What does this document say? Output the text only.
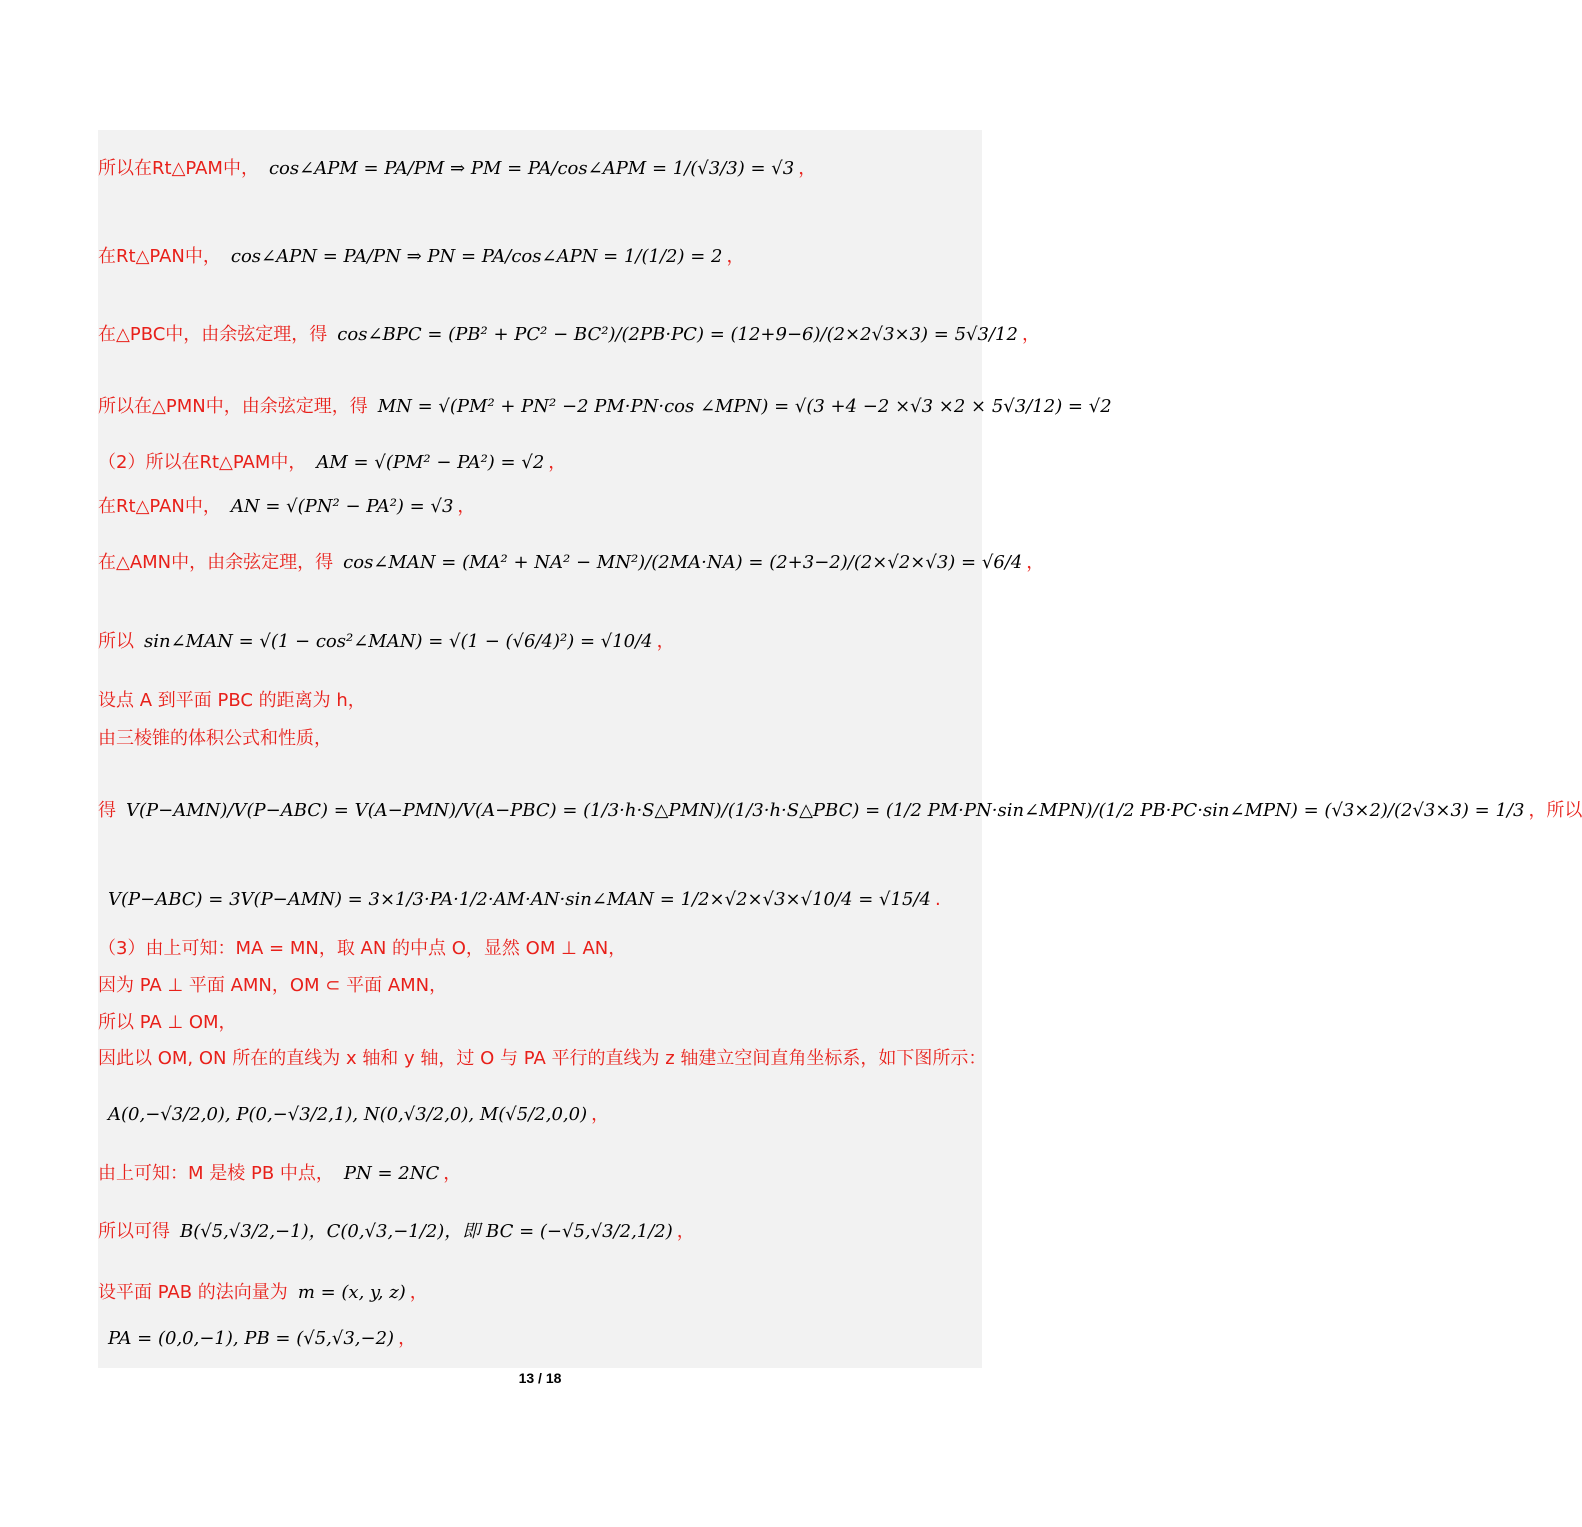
所以在Rt△PAM中， cos∠APM = PA/PM ⇒ PM = PA/cos∠APM = 1/(√3/3) = √3 ，
在Rt△PAN中， cos∠APN = PA/PN ⇒ PN = PA/cos∠APN = 1/(1/2) = 2 ，
在△PBC中，由余弦定理，得 cos∠BPC = (PB² + PC² − BC²)/(2PB·PC) = (12+9−6)/(2×2√3×3) = 5√3/12 ，
所以在△PMN中，由余弦定理，得 MN = √(PM² + PN² −2 PM·PN·cos ∠MPN) = √(3 +4 −2 ×√3 ×2 × 5√3/12) = √2
（2）所以在Rt△PAM中， AM = √(PM² − PA²) = √2 ，
在Rt△PAN中， AN = √(PN² − PA²) = √3 ，
在△AMN中，由余弦定理，得 cos∠MAN = (MA² + NA² − MN²)/(2MA·NA) = (2+3−2)/(2×√2×√3) = √6/4 ，
所以 sin∠MAN = √(1 − cos²∠MAN) = √(1 − (√6/4)²) = √10/4 ，
设点 A 到平面 PBC 的距离为 h，
由三棱锥的体积公式和性质，
得 V(P−AMN)/V(P−ABC) = V(A−PMN)/V(A−PBC) = (1/3·h·S△PMN)/(1/3·h·S△PBC) = (1/2 PM·PN·sin∠MPN)/(1/2 PB·PC·sin∠MPN) = (√3×2)/(2√3×3) = 1/3 ，所以
V(P−ABC) = 3V(P−AMN) = 3×1/3·PA·1/2·AM·AN·sin∠MAN = 1/2×√2×√3×√10/4 = √15/4 .
（3）由上可知：MA = MN，取 AN 的中点 O，显然 OM ⊥ AN，
因为 PA ⊥ 平面 AMN，OM ⊂ 平面 AMN，
所以 PA ⊥ OM，
因此以 OM, ON 所在的直线为 x 轴和 y 轴，过 O 与 PA 平行的直线为 z 轴建立空间直角坐标系，如下图所示：
A(0,−√3/2,0), P(0,−√3/2,1), N(0,√3/2,0), M(√5/2,0,0) ，
由上可知：M 是棱 PB 中点， PN = 2NC ，
所以可得 B(√5,√3/2,−1)，C(0,√3,−1/2)，即 BC = (−√5,√3/2,1/2) ，
设平面 PAB 的法向量为 m = (x, y, z) ，
PA = (0,0,−1), PB = (√5,√3,−2) ，
13 / 18
